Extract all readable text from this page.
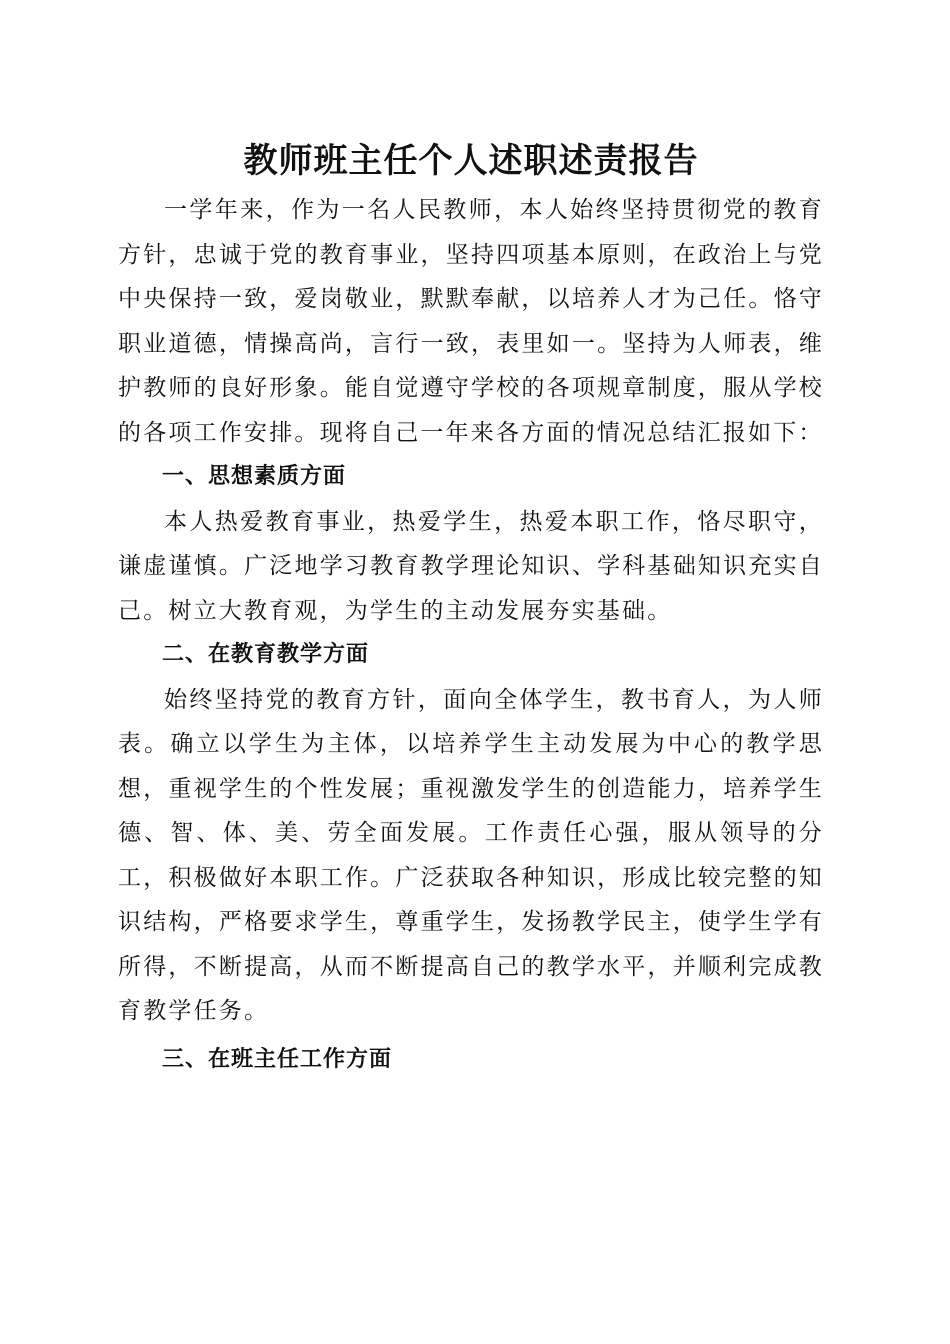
教师班主任个人述职述责报告

一学年来，作为一名人民教师，本人始终坚持贯彻党的教育方针，忠诚于党的教育事业，坚持四项基本原则，在政治上与党中央保持一致，爱岗敬业，默默奉献，以培养人才为己任。恪守职业道德，情操高尚，言行一致，表里如一。坚持为人师表，维护教师的良好形象。能自觉遵守学校的各项规章制度，服从学校的各项工作安排。现将自己一年来各方面的情况总结汇报如下：

一、思想素质方面

本人热爱教育事业，热爱学生，热爱本职工作，恪尽职守，谦虚谨慎。广泛地学习教育教学理论知识、学科基础知识充实自己。树立大教育观，为学生的主动发展夯实基础。

二、在教育教学方面

始终坚持党的教育方针，面向全体学生，教书育人，为人师表。确立以学生为主体，以培养学生主动发展为中心的教学思想，重视学生的个性发展；重视激发学生的创造能力，培养学生德、智、体、美、劳全面发展。工作责任心强，服从领导的分工，积极做好本职工作。广泛获取各种知识，形成比较完整的知识结构，严格要求学生，尊重学生，发扬教学民主，使学生学有所得，不断提高，从而不断提高自己的教学水平，并顺利完成教育教学任务。

三、在班主任工作方面
